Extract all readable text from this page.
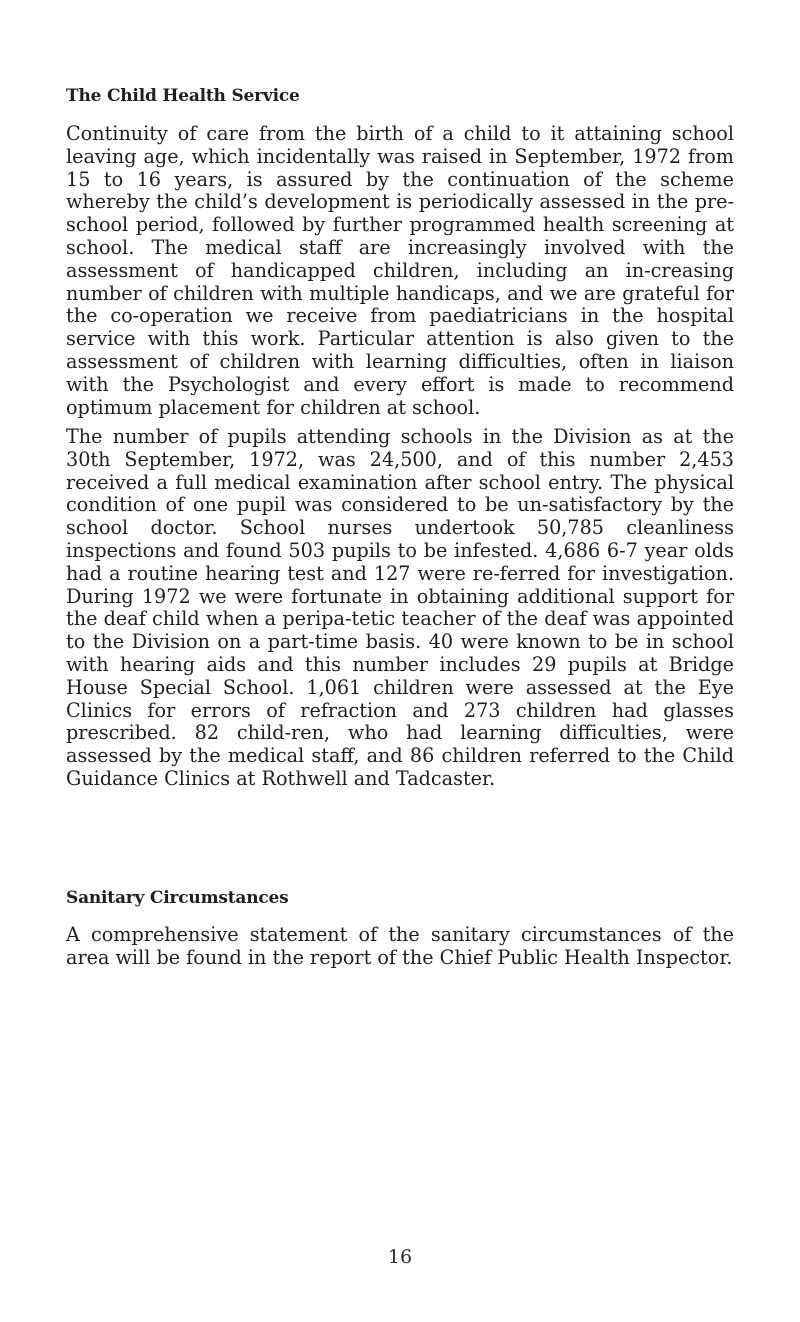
The Child Health Service

Continuity of care from the birth of a child to it attaining school leaving age, which incidentally was raised in September, 1972 from 15 to 16 years, is assured by the continuation of the scheme whereby the child’s development is periodically assessed in the pre-school period, followed by further programmed health screening at school. The medical staff are increasingly involved with the assessment of handicapped children, including an in-creasing number of children with multiple handicaps, and we are grateful for the co-operation we receive from paediatricians in the hospital service with this work. Particular attention is also given to the assessment of children with learning difficulties, often in liaison with the Psychologist and every effort is made to recommend optimum placement for children at school.

The number of pupils attending schools in the Division as at the 30th September, 1972, was 24,500, and of this number 2,453 received a full medical examination after school entry. The physical condition of one pupil was considered to be un-satisfactory by the school doctor. School nurses undertook 50,785 cleanliness inspections and found 503 pupils to be infested. 4,686 6-7 year olds had a routine hearing test and 127 were re-ferred for investigation. During 1972 we were fortunate in obtaining additional support for the deaf child when a peripa-tetic teacher of the deaf was appointed to the Division on a part-time basis. 40 were known to be in school with hearing aids and this number includes 29 pupils at Bridge House Special School. 1,061 children were assessed at the Eye Clinics for errors of refraction and 273 children had glasses prescribed. 82 child-ren, who had learning difficulties, were assessed by the medical staff, and 86 children referred to the Child Guidance Clinics at Rothwell and Tadcaster.

Sanitary Circumstances

A comprehensive statement of the sanitary circumstances of the area will be found in the report of the Chief Public Health Inspector.

16
